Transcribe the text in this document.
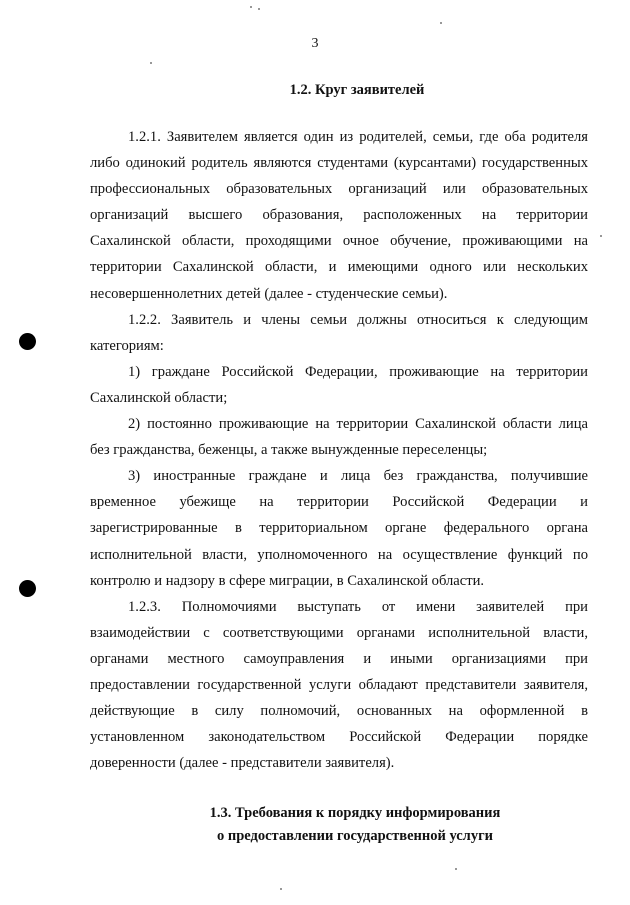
3
1.2. Круг заявителей

1.2.1. Заявителем является один из родителей, семьи, где оба родителя либо одинокий родитель являются студентами (курсантами) государственных профессиональных образовательных организаций или образовательных организаций высшего образования, расположенных на территории Сахалинской области, проходящими очное обучение, проживающими на территории Сахалинской области, и имеющими одного или нескольких несовершеннолетних детей (далее - студенческие семьи).

1.2.2. Заявитель и члены семьи должны относиться к следующим категориям:

1) граждане Российской Федерации, проживающие на территории Сахалинской области;

2) постоянно проживающие на территории Сахалинской области лица без гражданства, беженцы, а также вынужденные переселенцы;

3) иностранные граждане и лица без гражданства, получившие временное убежище на территории Российской Федерации и зарегистрированные в территориальном органе федерального органа исполнительной власти, уполномоченного на осуществление функций по контролю и надзору в сфере миграции, в Сахалинской области.

1.2.3. Полномочиями выступать от имени заявителей при взаимодействии с соответствующими органами исполнительной власти, органами местного самоуправления и иными организациями при предоставлении государственной услуги обладают представители заявителя, действующие в силу полномочий, основанных на оформленной в установленном законодательством Российской Федерации порядке доверенности (далее - представители заявителя).

1.3. Требования к порядку информирования
о предоставлении государственной услуги
